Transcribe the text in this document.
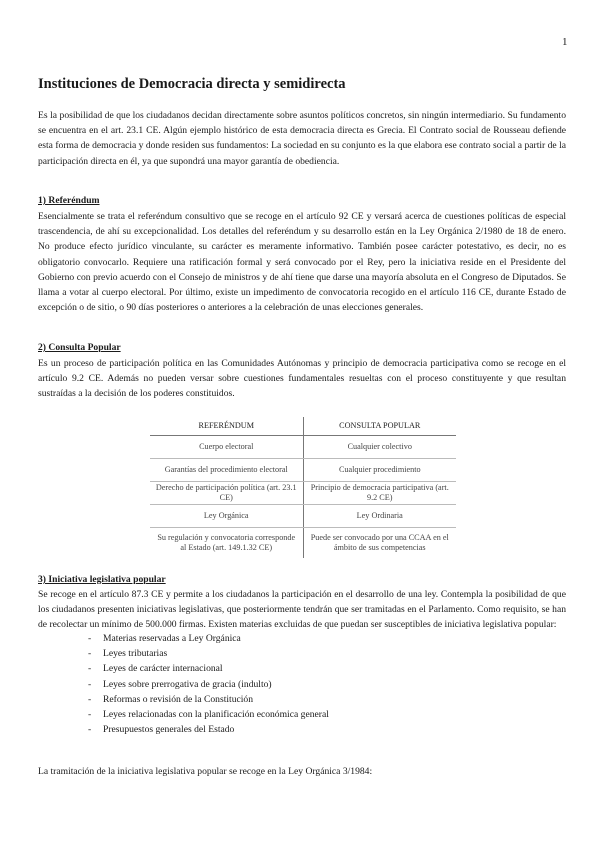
1
Instituciones de Democracia directa y semidirecta

Es la posibilidad de que los ciudadanos decidan directamente sobre asuntos políticos concretos, sin ningún intermediario. Su fundamento se encuentra en el art. 23.1 CE. Algún ejemplo histórico de esta democracia directa es Grecia. El Contrato social de Rousseau defiende esta forma de democracia y donde residen sus fundamentos: La sociedad en su conjunto es la que elabora ese contrato social a partir de la participación directa en él, ya que supondrá una mayor garantía de obediencia.

1) Referéndum

Esencialmente se trata el referéndum consultivo que se recoge en el artículo 92 CE y versará acerca de cuestiones políticas de especial trascendencia, de ahí su excepcionalidad. Los detalles del referéndum y su desarrollo están en la Ley Orgánica 2/1980 de 18 de enero. No produce efecto jurídico vinculante, su carácter es meramente informativo. También posee carácter potestativo, es decir, no es obligatorio convocarlo. Requiere una ratificación formal y será convocado por el Rey, pero la iniciativa reside en el Presidente del Gobierno con previo acuerdo con el Consejo de ministros y de ahí tiene que darse una mayoría absoluta en el Congreso de Diputados. Se llama a votar al cuerpo electoral. Por último, existe un impedimento de convocatoria recogido en el artículo 116 CE, durante Estado de excepción o de sitio, o 90 días posteriores o anteriores a la celebración de unas elecciones generales.

2) Consulta Popular

Es un proceso de participación política en las Comunidades Autónomas y principio de democracia participativa como se recoge en el artículo 9.2 CE. Además no pueden versar sobre cuestiones fundamentales resueltas con el proceso constituyente y que resultan sustraídas a la decisión de los poderes constituidos.

REFERÉNDUM	CONSULTA POPULAR
Cuerpo electoral	Cualquier colectivo
Garantías del procedimiento electoral	Cualquier procedimiento
Derecho de participación política (art. 23.1 CE)	Principio de democracia participativa (art. 9.2 CE)
Ley Orgánica	Ley Ordinaria
Su regulación y convocatoria corresponde al Estado (art. 149.1.32 CE)	Puede ser convocado por una CCAA en el ámbito de sus competencias
3) Iniciativa legislativa popular

Se recoge en el artículo 87.3 CE y permite a los ciudadanos la participación en el desarrollo de una ley. Contempla la posibilidad de que los ciudadanos presenten iniciativas legislativas, que posteriormente tendrán que ser tramitadas en el Parlamento. Como requisito, se han de recolectar un mínimo de 500.000 firmas. Existen materias excluidas de que puedan ser susceptibles de iniciativa legislativa popular:

- Materias reservadas a Ley Orgánica
- Leyes tributarias
- Leyes de carácter internacional
- Leyes sobre prerrogativa de gracia (indulto)
- Reformas o revisión de la Constitución
- Leyes relacionadas con la planificación económica general
- Presupuestos generales del Estado

La tramitación de la iniciativa legislativa popular se recoge en la Ley Orgánica 3/1984:
